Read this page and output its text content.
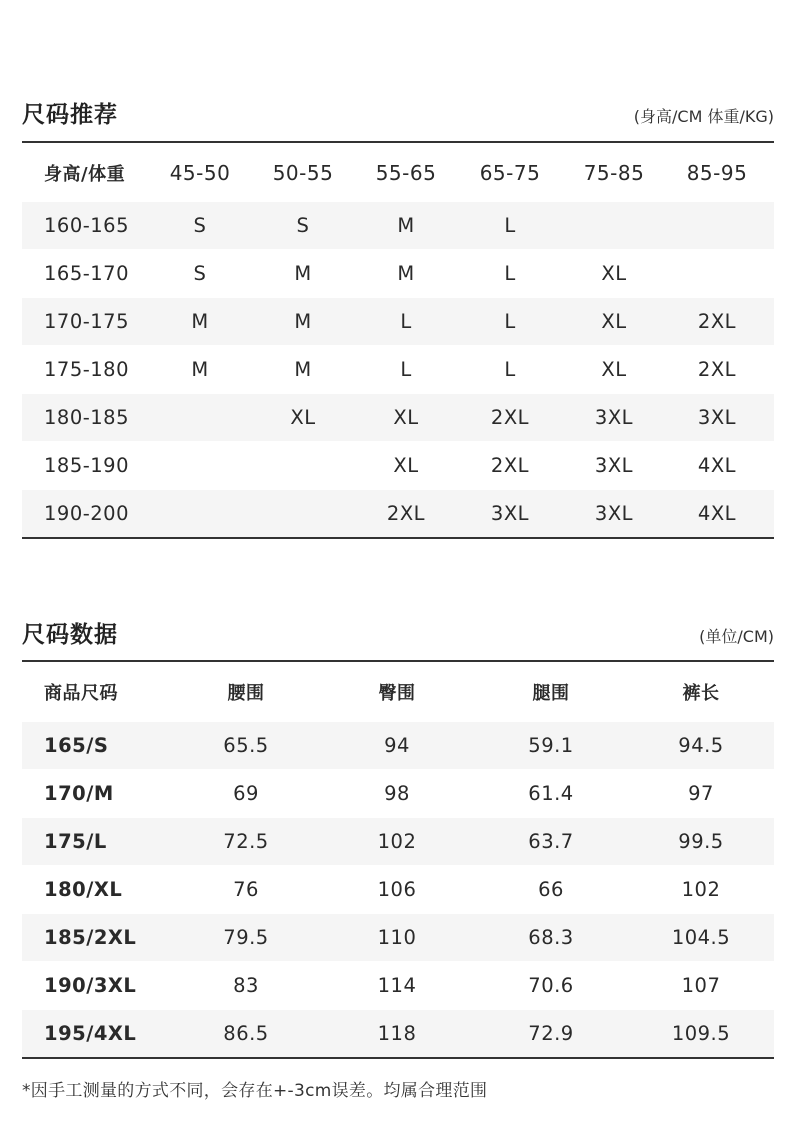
尺码推荐	(身高/CM 体重/KG)
身高/体重	45-50	50-55	55-65	65-75	75-85	85-95
160-165	S	S	M	L		
165-170	S	M	M	L	XL	
170-175	M	M	L	L	XL	2XL
175-180	M	M	L	L	XL	2XL
180-185		XL	XL	2XL	3XL	3XL
185-190			XL	2XL	3XL	4XL
190-200			2XL	3XL	3XL	4XL
尺码数据	(单位/CM)
商品尺码	腰围	臀围	腿围	裤长
165/S	65.5	94	59.1	94.5
170/M	69	98	61.4	97
175/L	72.5	102	63.7	99.5
180/XL	76	106	66	102
185/2XL	79.5	110	68.3	104.5
190/3XL	83	114	70.6	107
195/4XL	86.5	118	72.9	109.5
*因手工测量的方式不同，会存在+-3cm误差。均属合理范围
